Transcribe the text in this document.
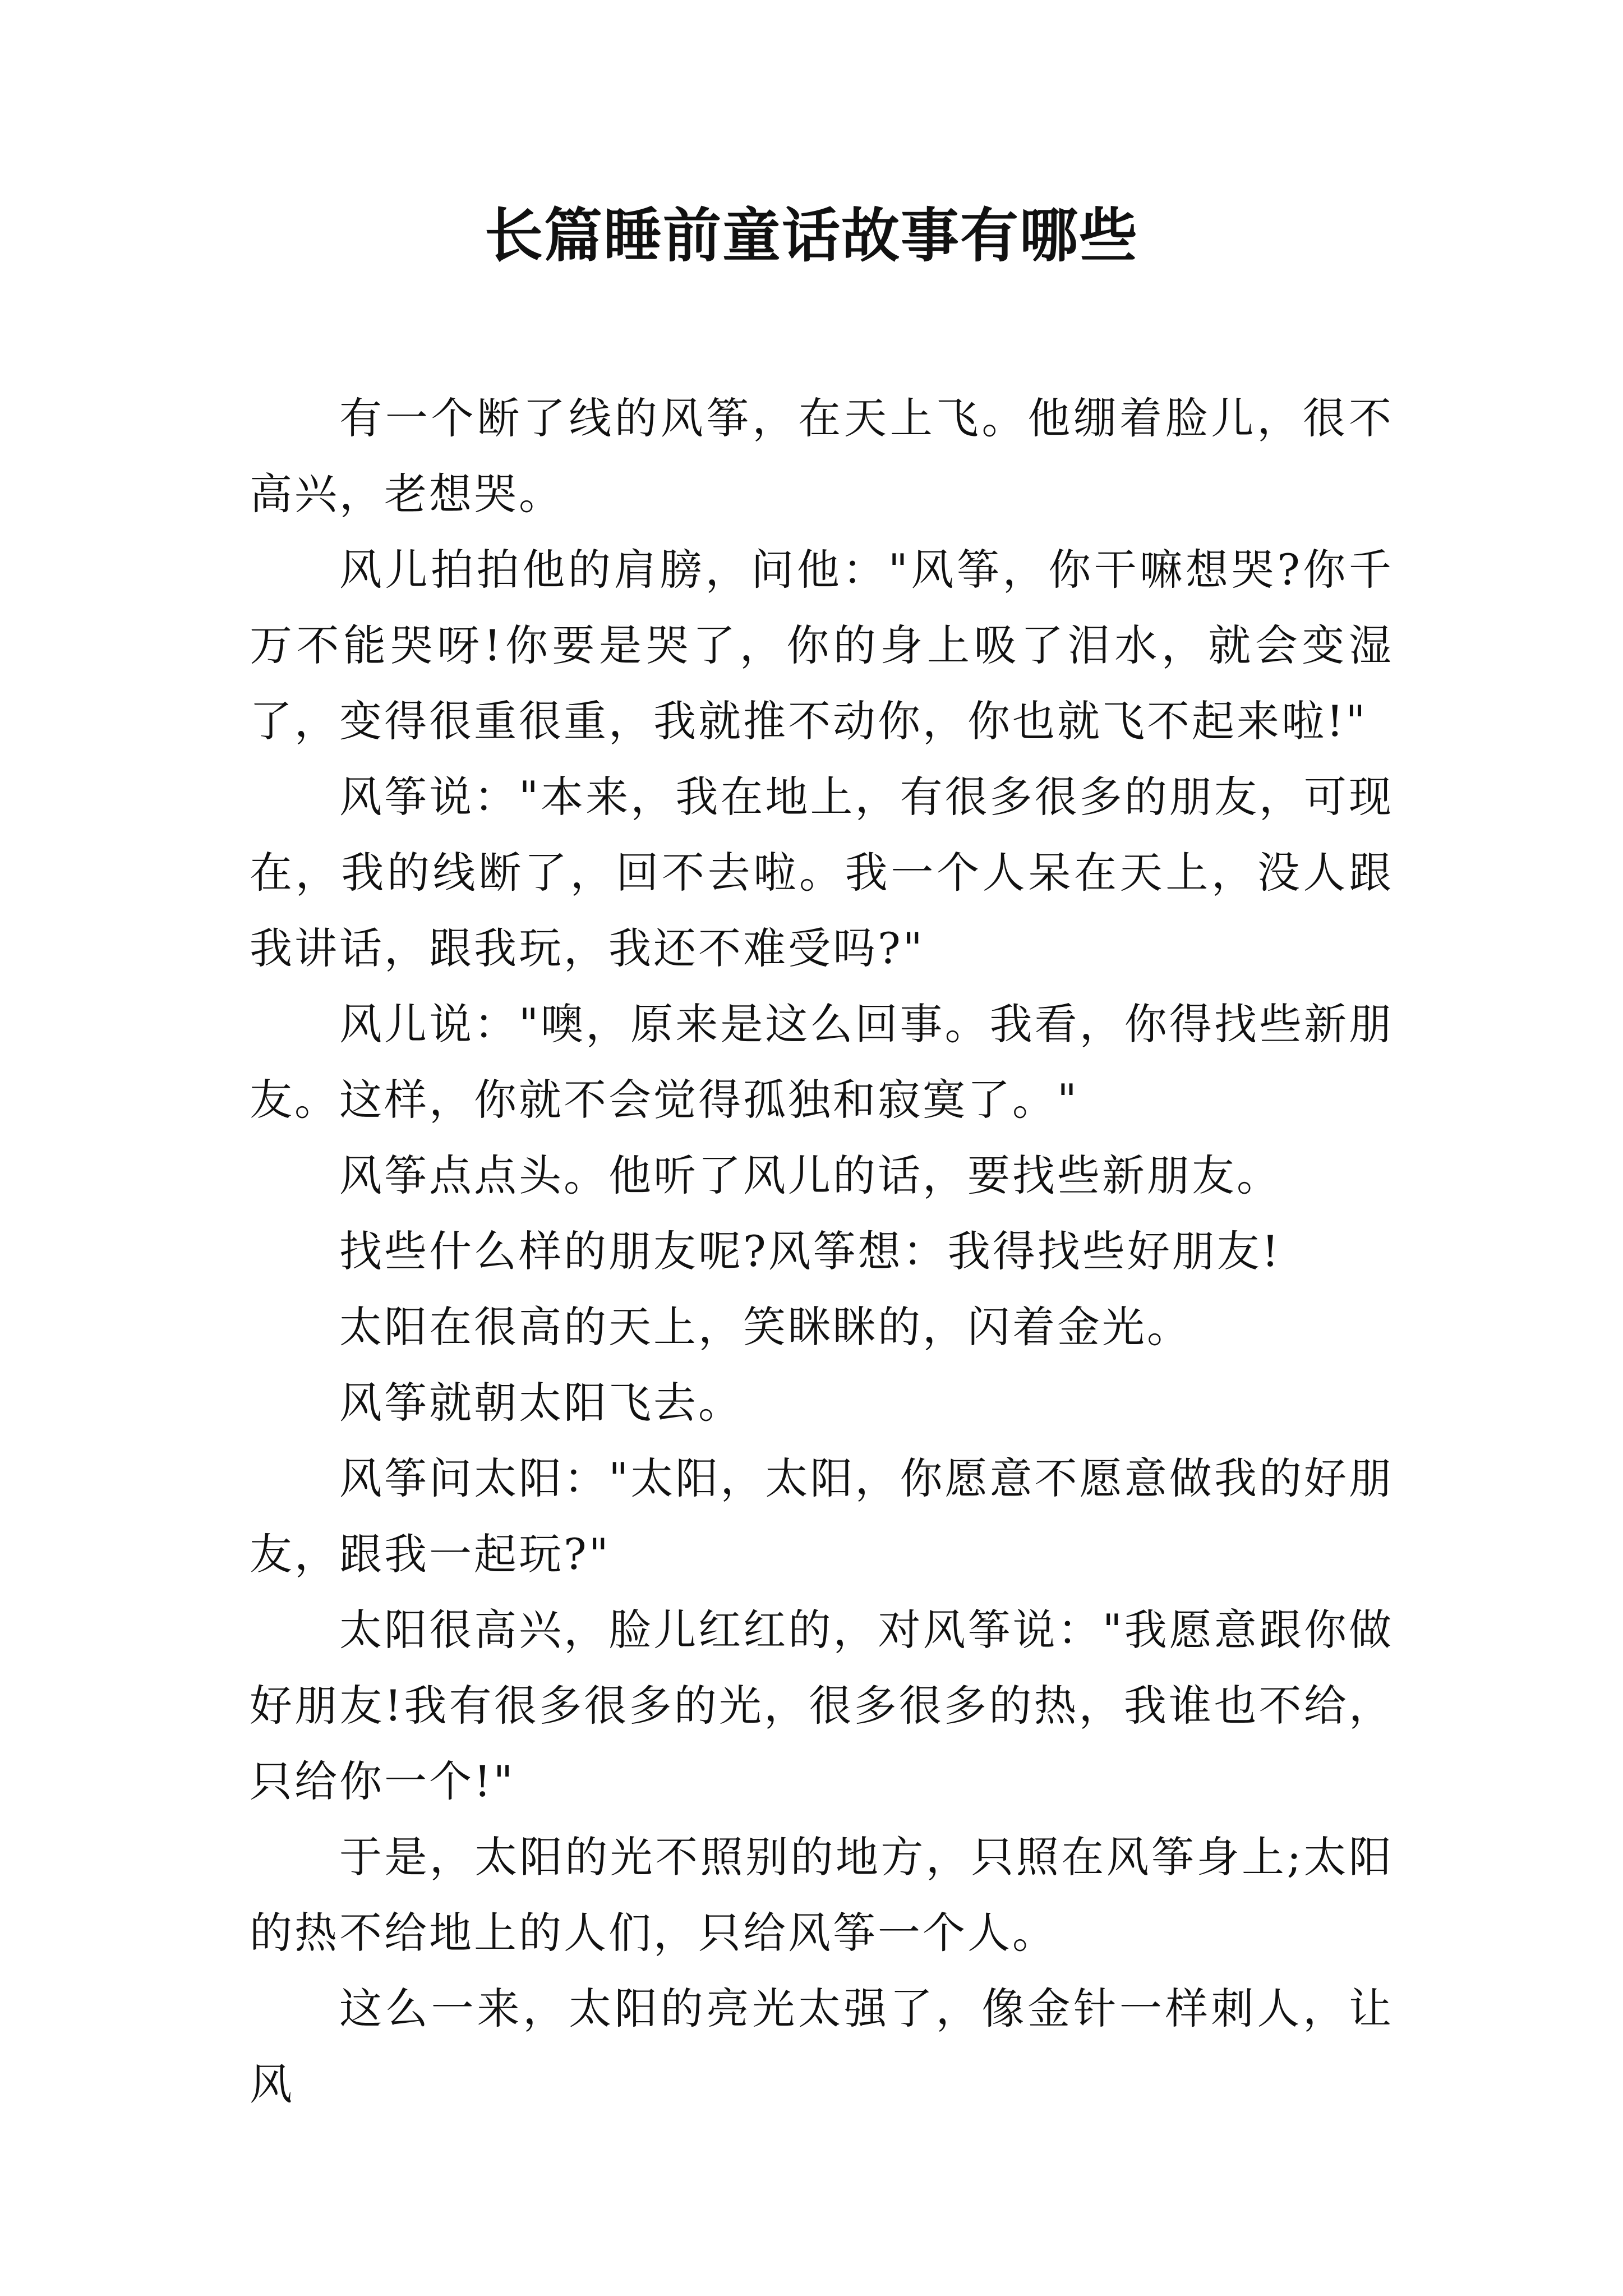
长篇睡前童话故事有哪些

有一个断了线的风筝，在天上飞。他绷着脸儿，很不高兴，老想哭。

风儿拍拍他的肩膀，问他："风筝，你干嘛想哭?你千万不能哭呀!你要是哭了，你的身上吸了泪水，就会变湿了，变得很重很重，我就推不动你，你也就飞不起来啦!"

风筝说："本来，我在地上，有很多很多的朋友，可现在，我的线断了，回不去啦。我一个人呆在天上，没人跟我讲话，跟我玩，我还不难受吗?"

风儿说："噢，原来是这么回事。我看，你得找些新朋友。这样，你就不会觉得孤独和寂寞了。"

风筝点点头。他听了风儿的话，要找些新朋友。

找些什么样的朋友呢?风筝想：我得找些好朋友!

太阳在很高的天上，笑眯眯的，闪着金光。

风筝就朝太阳飞去。

风筝问太阳："太阳，太阳，你愿意不愿意做我的好朋友，跟我一起玩?"

太阳很高兴，脸儿红红的，对风筝说："我愿意跟你做好朋友!我有很多很多的光，很多很多的热，我谁也不给，只给你一个!"

于是，太阳的光不照别的地方，只照在风筝身上;太阳的热不给地上的人们，只给风筝一个人。

这么一来，太阳的亮光太强了，像金针一样刺人，让风
